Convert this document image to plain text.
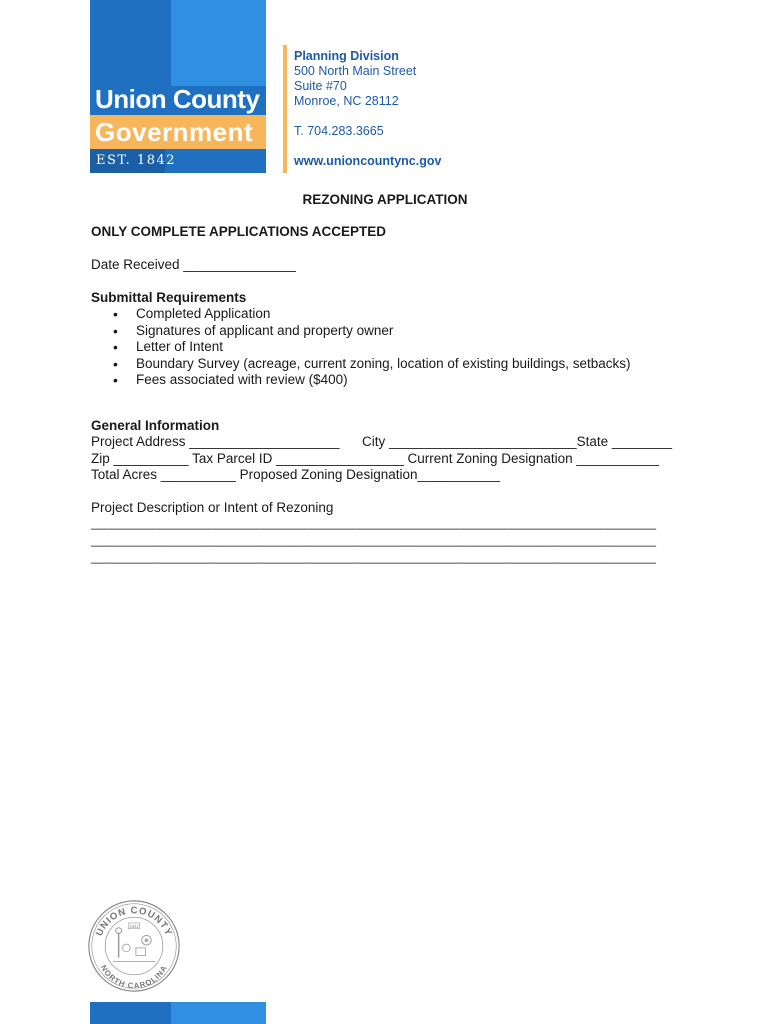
Union County
Government
EST. 1842
Planning Division
500 North Main Street
Suite #70
Monroe, NC 28112
T. 704.283.3665
www.unioncountync.gov
REZONING APPLICATION
ONLY COMPLETE APPLICATIONS ACCEPTED
Date Received _______________
Submittal Requirements
• Completed Application
• Signatures of applicant and property owner
• Letter of Intent
• Boundary Survey (acreage, current zoning, location of existing buildings, setbacks)
• Fees associated with review ($400)
General Information
Project Address ____________________      City _________________________State ________
Zip __________ Tax Parcel ID _________________ Current Zoning Designation ___________
Total Acres __________ Proposed Zoning Designation___________
Project Description or Intent of Rezoning
__________________________________________________________________________________
__________________________________________________________________________________
__________________________________________________________________________________
UNION COUNTY
NORTH CAROLINA
1842
